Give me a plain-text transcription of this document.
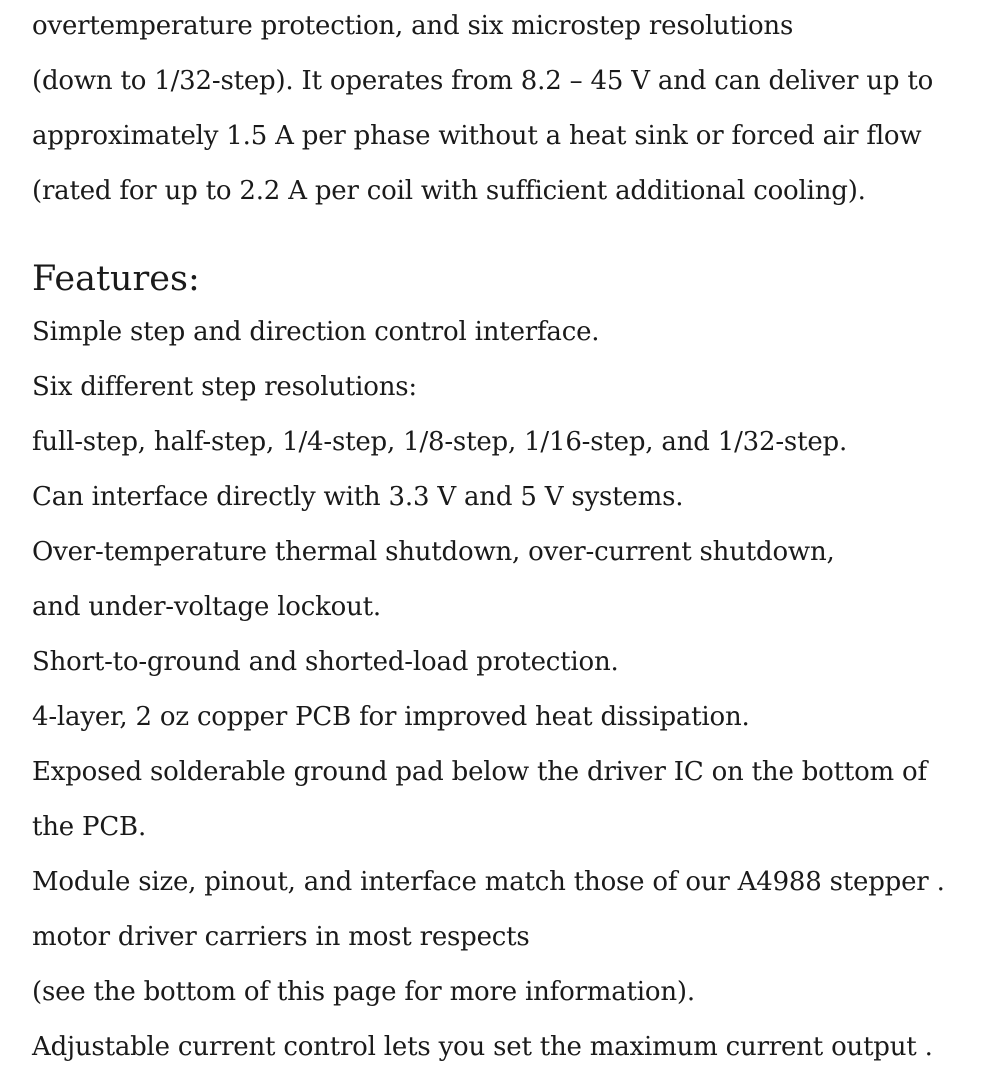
overtemperature protection, and six microstep resolutions
(down to 1/32-step). It operates from 8.2 – 45 V and can deliver up to
approximately 1.5 A per phase without a heat sink or forced air flow
(rated for up to 2.2 A per coil with sufficient additional cooling).
Features:
Simple step and direction control interface.
Six different step resolutions:
full-step, half-step, 1/4-step, 1/8-step, 1/16-step, and 1/32-step.
Can interface directly with 3.3 V and 5 V systems.
Over-temperature thermal shutdown, over-current shutdown,
and under-voltage lockout.
Short-to-ground and shorted-load protection.
4-layer, 2 oz copper PCB for improved heat dissipation.
Exposed solderable ground pad below the driver IC on the bottom of
the PCB.
Module size, pinout, and interface match those of our A4988 stepper .
motor driver carriers in most respects
(see the bottom of this page for more information).
Adjustable current control lets you set the maximum current output .
